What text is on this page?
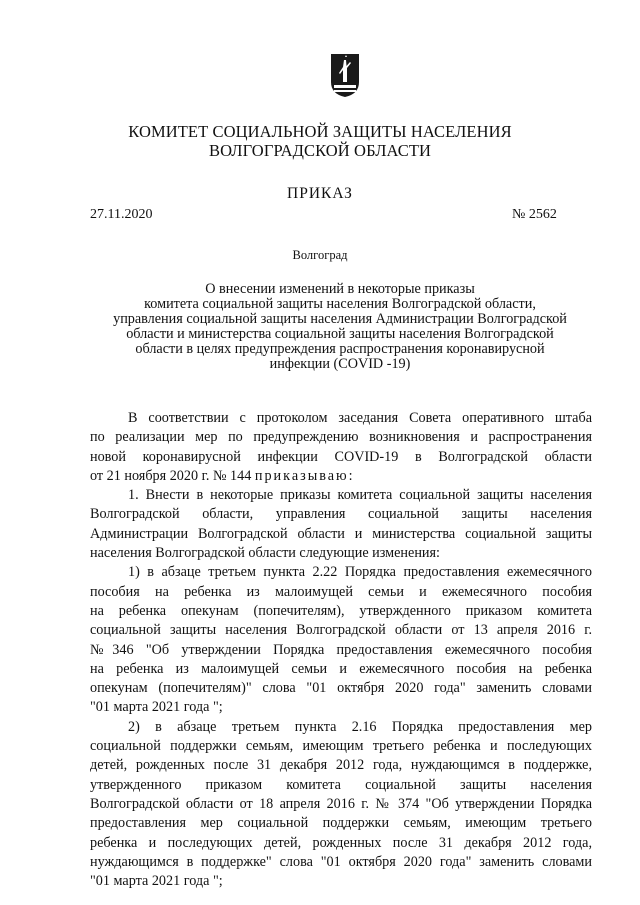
КОМИТЕТ СОЦИАЛЬНОЙ ЗАЩИТЫ НАСЕЛЕНИЯ
ВОЛГОГРАДСКОЙ ОБЛАСТИ
ПРИКАЗ
27.11.2020	№ 2562
Волгоград
О внесении изменений в некоторые приказы
комитета социальной защиты населения Волгоградской области,
управления социальной защиты населения Администрации Волгоградской
области и министерства социальной защиты населения Волгоградской
области в целях предупреждения распространения коронавирусной
инфекции (COVID -19)
В соответствии с протоколом заседания Совета оперативного штаба
по реализации мер по предупреждению возникновения и распространения
новой коронавирусной инфекции COVID-19 в Волгоградской области
от 21 ноября 2020 г. № 144 приказываю:
1. Внести в некоторые приказы комитета социальной защиты населения
Волгоградской области, управления социальной защиты населения
Администрации Волгоградской области и министерства социальной защиты
населения Волгоградской области следующие изменения:
1) в абзаце третьем пункта 2.22 Порядка предоставления ежемесячного
пособия на ребенка из малоимущей семьи и ежемесячного пособия
на ребенка опекунам (попечителям), утвержденного приказом комитета
социальной защиты населения Волгоградской области от 13 апреля 2016 г.
№346 "Об утверждении Порядка предоставления ежемесячного пособия
на ребенка из малоимущей семьи и ежемесячного пособия на ребенка
опекунам (попечителям)" слова "01 октября 2020 года" заменить словами
"01 марта 2021 года ";
2) в абзаце третьем пункта 2.16 Порядка предоставления мер
социальной поддержки семьям, имеющим третьего ребенка и последующих
детей, рожденных после 31 декабря 2012 года, нуждающимся в поддержке,
утвержденного приказом комитета социальной защиты населения
Волгоградской области от 18 апреля 2016 г. № 374 "Об утверждении Порядка
предоставления мер социальной поддержки семьям, имеющим третьего
ребенка и последующих детей, рожденных после 31 декабря 2012 года,
нуждающимся в поддержке" слова "01 октября 2020 года" заменить словами
"01 марта 2021 года ";
